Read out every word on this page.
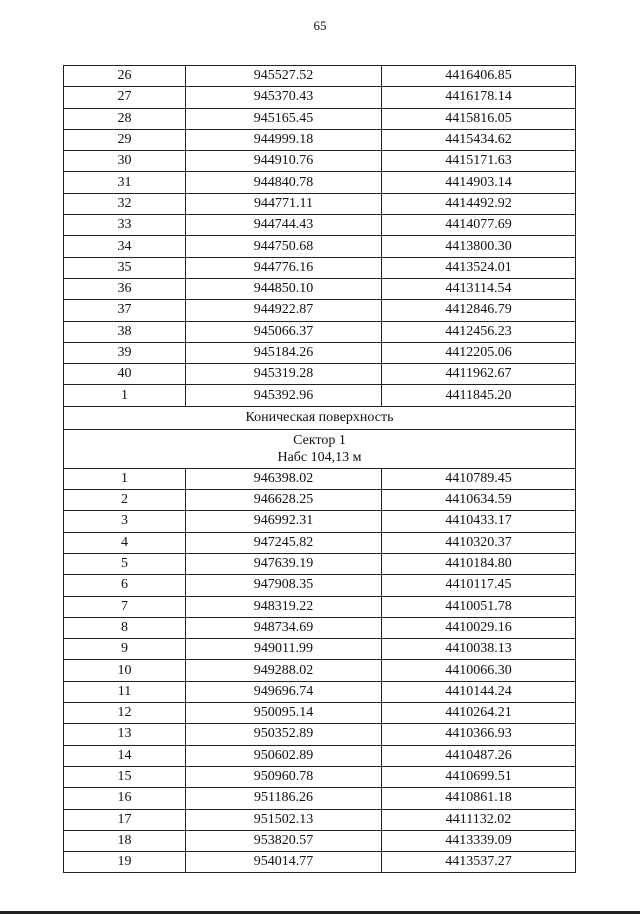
65
26	945527.52	4416406.85
27	945370.43	4416178.14
28	945165.45	4415816.05
29	944999.18	4415434.62
30	944910.76	4415171.63
31	944840.78	4414903.14
32	944771.11	4414492.92
33	944744.43	4414077.69
34	944750.68	4413800.30
35	944776.16	4413524.01
36	944850.10	4413114.54
37	944922.87	4412846.79
38	945066.37	4412456.23
39	945184.26	4412205.06
40	945319.28	4411962.67
1	945392.96	4411845.20
Коническая поверхность		

Сектор 1
Набс 104,13 м		

1	946398.02	4410789.45
2	946628.25	4410634.59
3	946992.31	4410433.17
4	947245.82	4410320.37
5	947639.19	4410184.80
6	947908.35	4410117.45
7	948319.22	4410051.78
8	948734.69	4410029.16
9	949011.99	4410038.13
10	949288.02	4410066.30
11	949696.74	4410144.24
12	950095.14	4410264.21
13	950352.89	4410366.93
14	950602.89	4410487.26
15	950960.78	4410699.51
16	951186.26	4410861.18
17	951502.13	4411132.02
18	953820.57	4413339.09
19	954014.77	4413537.27
